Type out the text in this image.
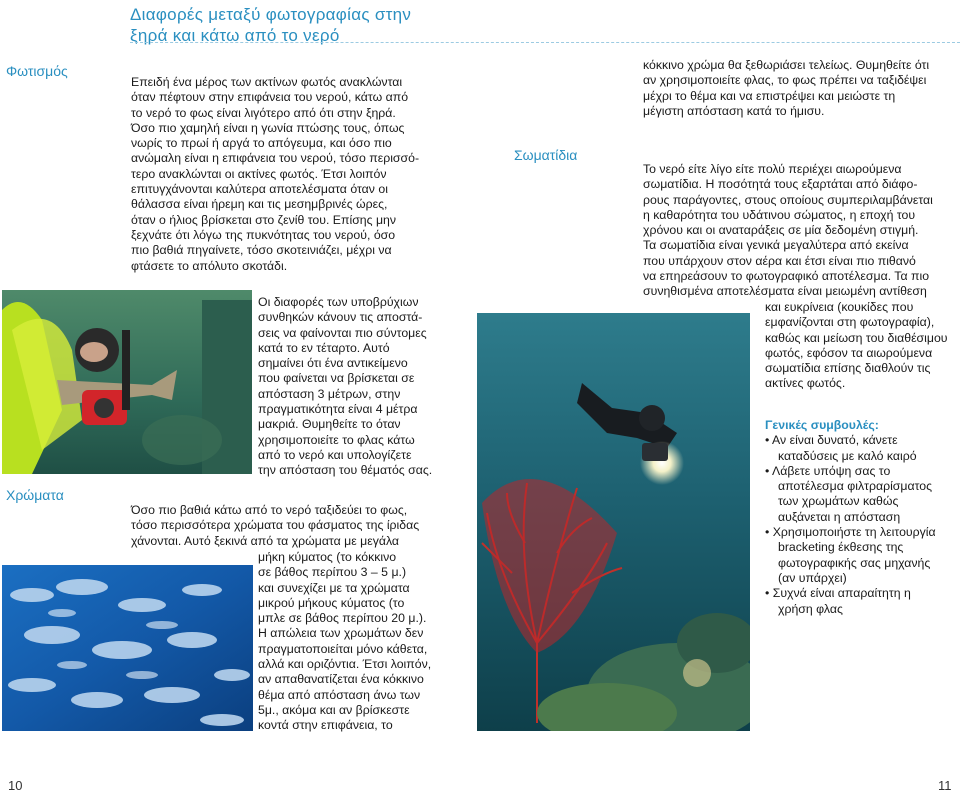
Διαφορές μεταξύ φωτογραφίας στην
ξηρά και κάτω από το νερό
Φωτισμός
Χρώματα
Σωματίδια
Επειδή ένα μέρος των ακτίνων φωτός ανακλώνται
όταν πέφτουν στην επιφάνεια του νερού, κάτω από
το νερό το φως είναι λιγότερο από ότι στην ξηρά.
Όσο πιο χαμηλή είναι η γωνία πτώσης τους, όπως
νωρίς το πρωί ή αργά το απόγευμα, και όσο πιο
ανώμαλη είναι η επιφάνεια του νερού, τόσο περισσό-
τερο ανακλώνται οι ακτίνες φωτός. Έτσι λοιπόν
επιτυγχάνονται καλύτερα αποτελέσματα όταν οι
θάλασσα είναι ήρεμη και τις μεσημβρινές ώρες,
όταν ο ήλιος βρίσκεται στο ζενίθ του. Επίσης μην
ξεχνάτε ότι λόγω της πυκνότητας του νερού, όσο
πιο βαθιά πηγαίνετε, τόσο σκοτεινιάζει, μέχρι να
φτάσετε το απόλυτο σκοτάδι.
Οι διαφορές των υποβρύχιων
συνθηκών κάνουν τις αποστά-
σεις να φαίνονται πιο σύντομες
κατά το εν τέταρτο. Αυτό
σημαίνει ότι ένα αντικείμενο
που φαίνεται να βρίσκεται σε
απόσταση 3 μέτρων, στην
πραγματικότητα είναι 4 μέτρα
μακριά. Θυμηθείτε το όταν
χρησιμοποιείτε το φλας κάτω
από το νερό και υπολογίζετε
την απόσταση του θέματός σας.
Όσο πιο βαθιά κάτω από το νερό ταξιδεύει το φως,
τόσο περισσότερα χρώματα του φάσματος της ίριδας
χάνονται. Αυτό ξεκινά από τα χρώματα με μεγάλα
μήκη κύματος (το κόκκινο
σε βάθος περίπου 3 – 5 μ.)
και συνεχίζει με τα χρώματα
μικρού μήκους κύματος (το
μπλε σε βάθος περίπου 20 μ.).
Η απώλεια των χρωμάτων δεν
πραγματοποιείται μόνο κάθετα,
αλλά και οριζόντια. Έτσι λοιπόν,
αν απαθανατίζεται ένα κόκκινο
θέμα από απόσταση άνω των
5μ., ακόμα και αν βρίσκεστε
κοντά στην επιφάνεια, το
κόκκινο χρώμα θα ξεθωριάσει τελείως. Θυμηθείτε ότι
αν χρησιμοποιείτε φλας, το φως πρέπει να ταξιδέψει
μέχρι το θέμα και να επιστρέψει και μειώστε τη
μέγιστη απόσταση κατά το ήμισυ.
Το νερό είτε λίγο είτε πολύ περιέχει αιωρούμενα
σωματίδια. Η ποσότητά τους εξαρτάται από διάφο-
ρους παράγοντες, στους οποίους συμπεριλαμβάνεται
η καθαρότητα του υδάτινου σώματος, η εποχή του
χρόνου και οι αναταράξεις σε μία δεδομένη στιγμή.
Τα σωματίδια είναι γενικά μεγαλύτερα από εκείνα
που υπάρχουν στον αέρα και έτσι είναι πιο πιθανό
να επηρεάσουν το φωτογραφικό αποτέλεσμα. Τα πιο
συνηθισμένα αποτελέσματα είναι μειωμένη αντίθεση
και ευκρίνεια (κουκίδες που
εμφανίζονται στη φωτογραφία),
καθώς και μείωση του διαθέσιμου
φωτός, εφόσον τα αιωρούμενα
σωματίδια επίσης διαθλούν τις
ακτίνες φωτός.
Γενικές συμβουλές:
• Αν είναι δυνατό, κάνετε
καταδύσεις με καλό καιρό
• Λάβετε υπόψη σας το
αποτέλεσμα φιλτραρίσματος
των χρωμάτων καθώς
αυξάνεται η απόσταση
• Χρησιμοποιήστε τη λειτουργία
bracketing έκθεσης της
φωτογραφικής σας μηχανής
(αν υπάρχει)
• Συχνά είναι απαραίτητη η
χρήση φλας
10	11
